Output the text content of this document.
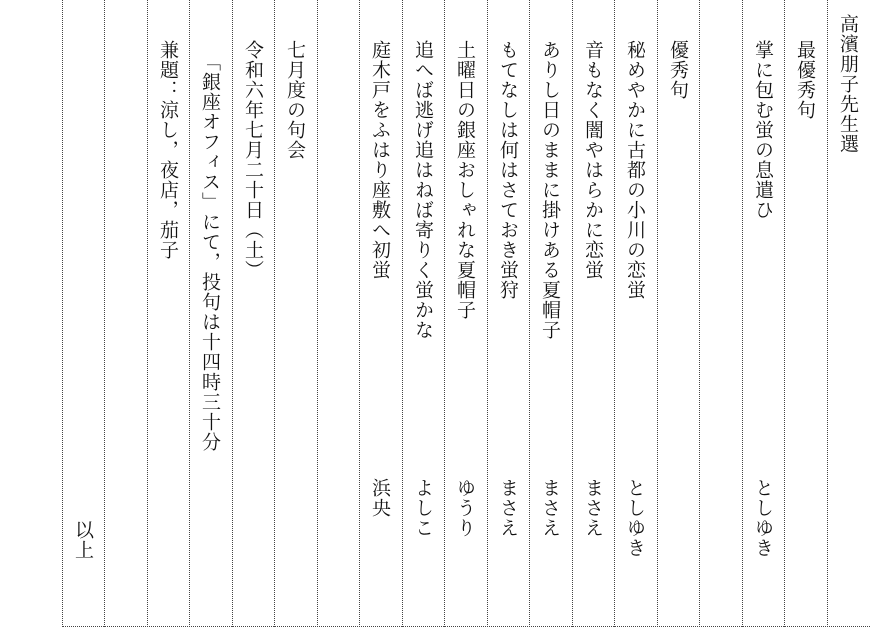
高濱朋子先生選
最優秀句
掌に包む蛍の息遣ひ
としゆき
優秀句
秘めやかに古都の小川の恋蛍
としゆき
音もなく闇やはらかに恋蛍
まさえ
ありし日のままに掛けある夏帽子
まさえ
もてなしは何はさておき蛍狩
まさえ
土曜日の銀座おしゃれな夏帽子
ゆうり
追へば逃げ追はねば寄りく蛍かな
よしこ
庭木戸をふはり座敷へ初蛍
浜央
七月度の句会
令和六年七月二十日（土）
「銀座オフィス」にて，投句は十四時三十分
兼題：涼し，夜店，茄子
以上
